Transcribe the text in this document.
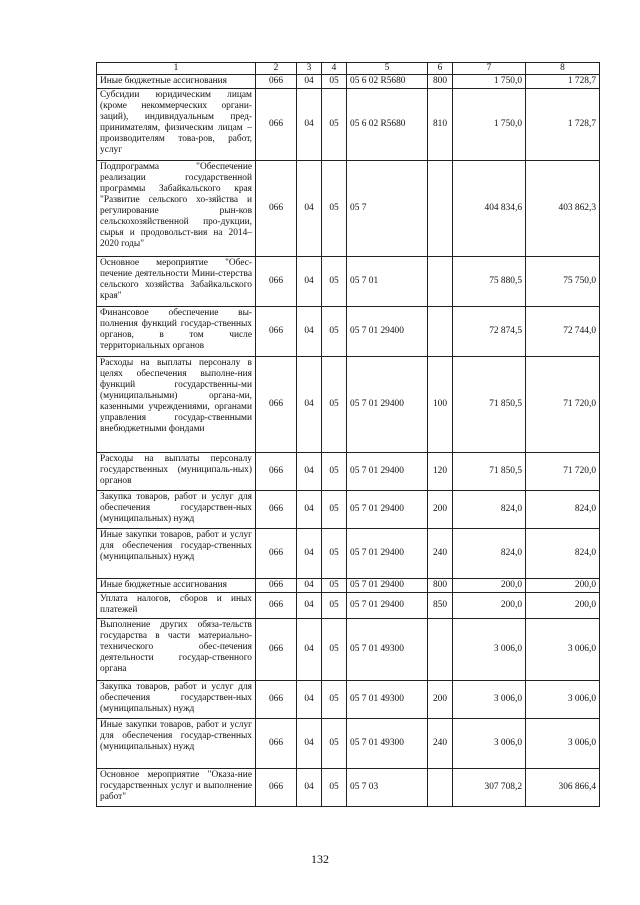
1	2	3	4	5	6	7	8
Иные бюджетные ассигнования	066	04	05	05 6 02 R5680	800	1 750,0	1 728,7
Субсидии юридическим лицам (кроме некоммерческих органи-заций), индивидуальным пред-принимателям, физическим лицам – производителям това-ров, работ, услуг	066	04	05	05 6 02 R5680	810	1 750,0	1 728,7
Подпрограмма "Обеспечение реализации государственной программы Забайкальского края "Развитие сельского хо-зяйства и регулирование рын-ков сельскохозяйственной про-дукции, сырья и продовольст-вия на 2014–2020 годы"	066	04	05	05 7		404 834,6	403 862,3
Основное мероприятие "Обес-печение деятельности Мини-стерства сельского хозяйства Забайкальского края"	066	04	05	05 7 01		75 880,5	75 750,0
Финансовое обеспечение вы-полнения функций государ-ственных органов, в том числе территориальных органов	066	04	05	05 7 01 29400		72 874,5	72 744,0
Расходы на выплаты персоналу в целях обеспечения выполне-ния функций государственны-ми (муниципальными) органа-ми, казенными учреждениями, органами управления государ-ственными внебюджетными фондами	066	04	05	05 7 01 29400	100	71 850,5	71 720,0
Расходы на выплаты персоналу государственных (муниципаль-ных) органов	066	04	05	05 7 01 29400	120	71 850,5	71 720,0
Закупка товаров, работ и услуг для обеспечения государствен-ных (муниципальных) нужд	066	04	05	05 7 01 29400	200	824,0	824,0
Иные закупки товаров, работ и услуг для обеспечения государ-ственных (муниципальных) нужд	066	04	05	05 7 01 29400	240	824,0	824,0
Иные бюджетные ассигнования	066	04	05	05 7 01 29400	800	200,0	200,0
Уплата налогов, сборов и иных платежей	066	04	05	05 7 01 29400	850	200,0	200,0
Выполнение других обяза-тельств государства в части материально-технического обес-печения деятельности государ-ственного органа	066	04	05	05 7 01 49300		3 006,0	3 006,0
Закупка товаров, работ и услуг для обеспечения государствен-ных (муниципальных) нужд	066	04	05	05 7 01 49300	200	3 006,0	3 006,0
Иные закупки товаров, работ и услуг для обеспечения государ-ственных (муниципальных) нужд	066	04	05	05 7 01 49300	240	3 006,0	3 006,0
Основное мероприятие "Оказа-ние государственных услуг и выполнение работ"	066	04	05	05 7 03		307 708,2	306 866,4
132
